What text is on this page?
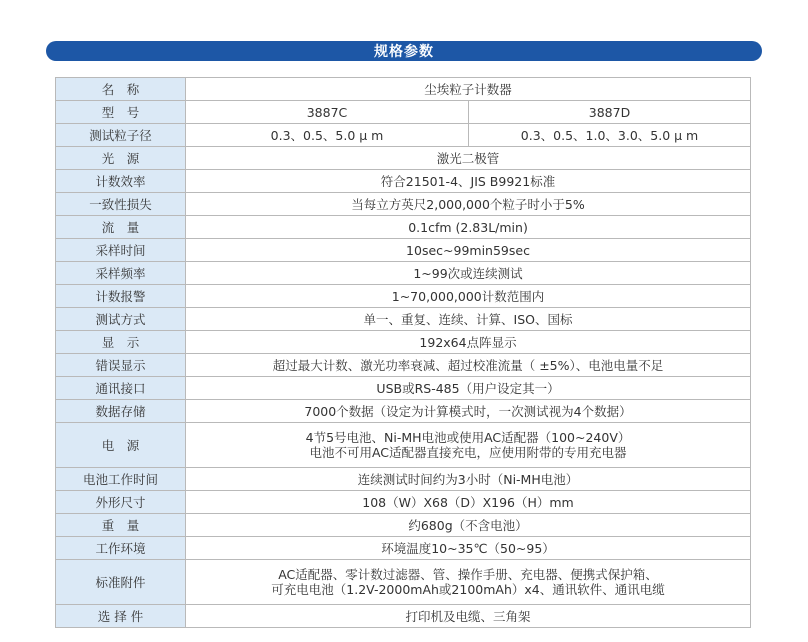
规格参数
名　称	尘埃粒子计数器	
型　号	3887C	3887D
测试粒子径	0.3、0.5、5.0 μ m	0.3、0.5、1.0、3.0、5.0 μ m
光　源	激光二极管	
计数效率	符合21501-4、JIS B9921标准	
一致性损失	当每立方英尺2,000,000个粒子时小于5%	
流　量	0.1cfm (2.83L/min)	
采样时间	10sec~99min59sec	
采样频率	1~99次或连续测试	
计数报警	1~70,000,000计数范围内	
测试方式	单一、重复、连续、计算、ISO、国标	
显　示	192x64点阵显示	
错误显示	超过最大计数、激光功率衰减、超过校准流量（ ±5%）、电池电量不足	
通讯接口	USB或RS-485（用户设定其一）	
数据存储	7000个数据（设定为计算模式时，一次测试视为4个数据）	
电　源	4节5号电池、Ni-MH电池或使用AC适配器（100~240V）
电池不可用AC适配器直接充电，应使用附带的专用充电器	

电池工作时间	连续测试时间约为3小时（Ni-MH电池）	
外形尺寸	108（W）X68（D）X196（H）mm	
重　量	约680g（不含电池）	
工作环境	环境温度10~35℃（50~95）	
标准附件	AC适配器、零计数过滤器、管、操作手册、充电器、便携式保护箱、
可充电电池（1.2V-2000mAh或2100mAh）x4、通讯软件、通讯电缆	

选 择 件	打印机及电缆、三角架	
